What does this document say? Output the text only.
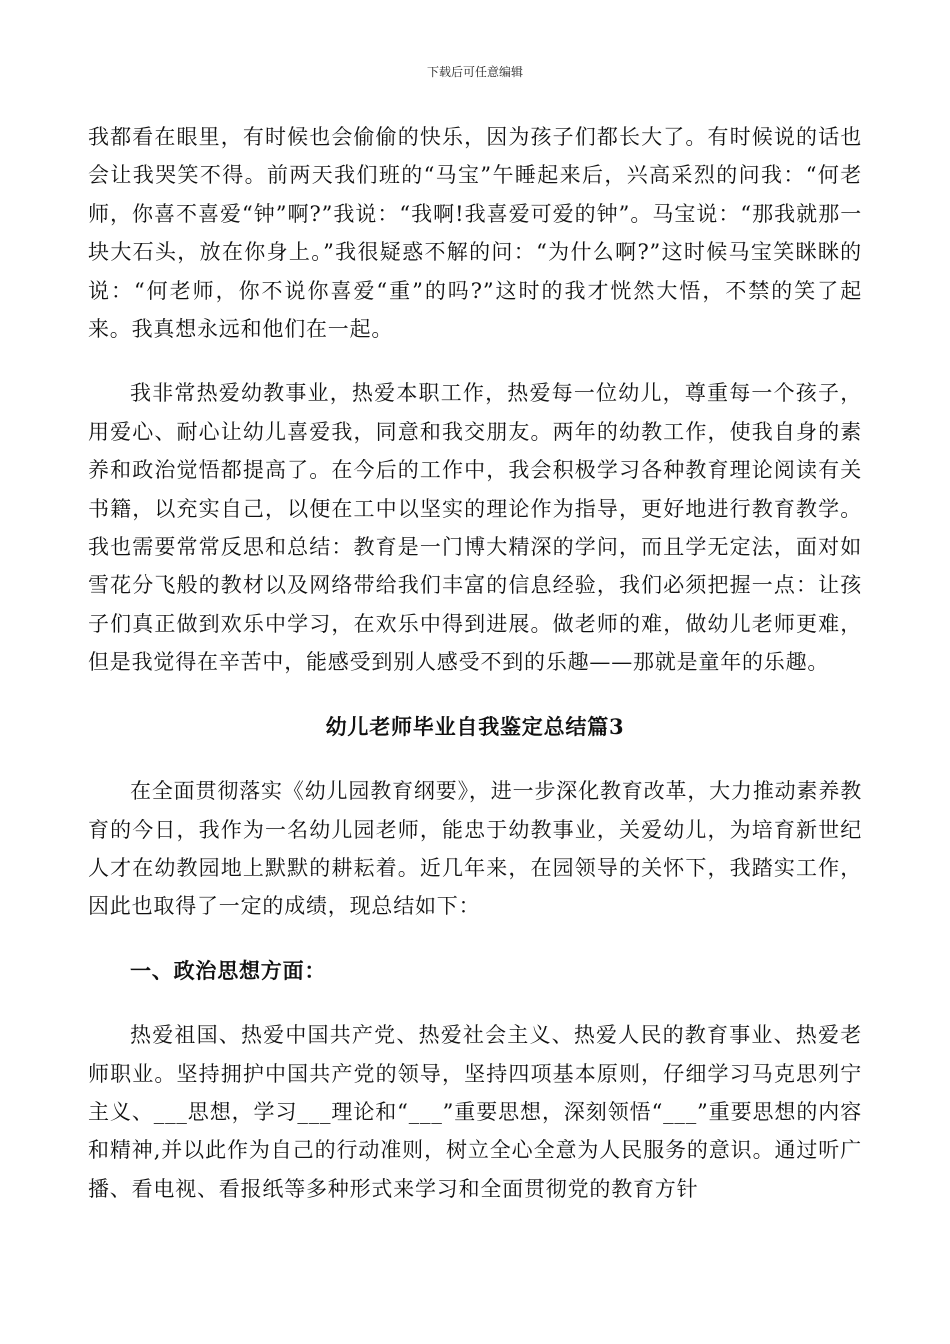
下载后可任意编辑

我都看在眼里，有时候也会偷偷的快乐，因为孩子们都长大了。有时候说的话也会让我哭笑不得。前两天我们班的“马宝”午睡起来后，兴高采烈的问我：“何老师，你喜不喜爱“钟”啊?”我说：“我啊!我喜爱可爱的钟”。马宝说：“那我就那一块大石头，放在你身上。”我很疑惑不解的问：“为什么啊?”这时候马宝笑眯眯的说：“何老师，你不说你喜爱“重”的吗?”这时的我才恍然大悟，不禁的笑了起来。我真想永远和他们在一起。

我非常热爱幼教事业，热爱本职工作，热爱每一位幼儿，尊重每一个孩子，用爱心、耐心让幼儿喜爱我，同意和我交朋友。两年的幼教工作，使我自身的素养和政治觉悟都提高了。在今后的工作中，我会积极学习各种教育理论阅读有关书籍，以充实自己，以便在工中以坚实的理论作为指导，更好地进行教育教学。我也需要常常反思和总结：教育是一门博大精深的学问，而且学无定法，面对如雪花分飞般的教材以及网络带给我们丰富的信息经验，我们必须把握一点：让孩子们真正做到欢乐中学习，在欢乐中得到进展。做老师的难，做幼儿老师更难，但是我觉得在辛苦中，能感受到别人感受不到的乐趣——那就是童年的乐趣。

幼儿老师毕业自我鉴定总结篇3

在全面贯彻落实《幼儿园教育纲要》，进一步深化教育改革，大力推动素养教育的今日，我作为一名幼儿园老师，能忠于幼教事业，关爱幼儿，为培育新世纪人才在幼教园地上默默的耕耘着。近几年来，在园领导的关怀下，我踏实工作，因此也取得了一定的成绩，现总结如下：

一、政治思想方面：

热爱祖国、热爱中国共产党、热爱社会主义、热爱人民的教育事业、热爱老师职业。坚持拥护中国共产党的领导，坚持四项基本原则，仔细学习马克思列宁主义、___思想，学习___理论和“___”重要思想，深刻领悟“___”重要思想的内容和精神,并以此作为自己的行动准则，树立全心全意为人民服务的意识。通过听广播、看电视、看报纸等多种形式来学习和全面贯彻党的教育方针
